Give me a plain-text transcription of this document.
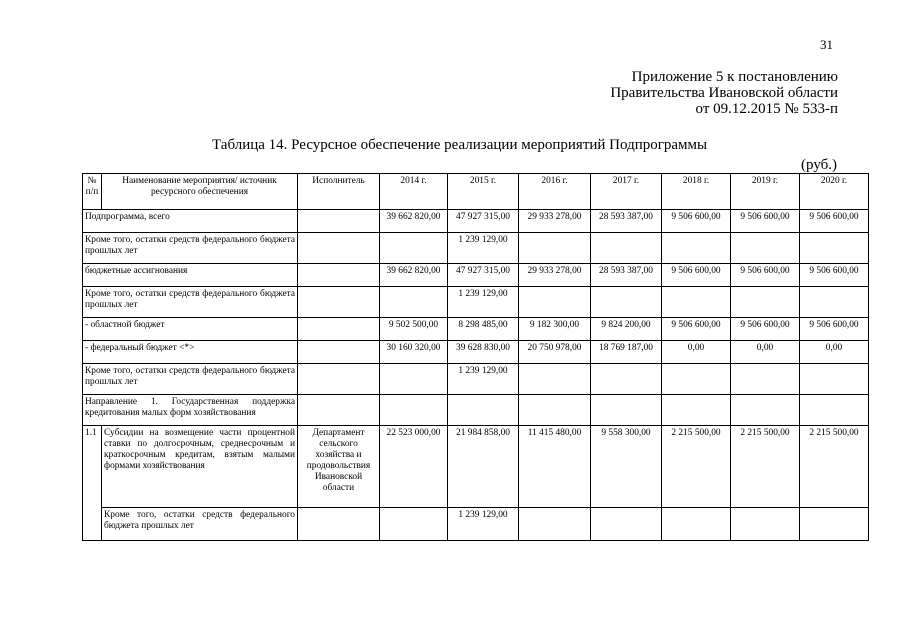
31
Приложение 5 к постановлению
Правительства Ивановской области
от 09.12.2015 № 533-п
Таблица 14. Ресурсное обеспечение реализации мероприятий Подпрограммы
(руб.)
№ п/п	Наименование мероприятия/ источник ресурсного обеспечения	Исполнитель	2014 г.	2015 г.	2016 г.	2017 г.	2018 г.	2019 г.	2020 г.
Подпрограмма, всего			39 662 820,00	47 927 315,00	29 933 278,00	28 593 387,00	9 506 600,00	9 506 600,00	9 506 600,00
Кроме того, остатки средств федерального бюджета прошлых лет				1 239 129,00					
бюджетные ассигнования			39 662 820,00	47 927 315,00	29 933 278,00	28 593 387,00	9 506 600,00	9 506 600,00	9 506 600,00
Кроме того, остатки средств федерального бюджета прошлых лет				1 239 129,00					
- областной бюджет			9 502 500,00	8 298 485,00	9 182 300,00	9 824 200,00	9 506 600,00	9 506 600,00	9 506 600,00
- федеральный бюджет <*>			30 160 320,00	39 628 830,00	20 750 978,00	18 769 187,00	0,00	0,00	0,00
Кроме того, остатки средств федерального бюджета прошлых лет				1 239 129,00					
Направление 1. Государственная поддержка кредитования малых форм хозяйствования									
1.1	Субсидии на возмещение части процентной ставки по долгосрочным, среднесрочным и краткосрочным кредитам, взятым малыми формами хозяйствования	Департамент сельского хозяйства и продовольствия Ивановской области	22 523 000,00	21 984 858,00	11 415 480,00	9 558 300,00	2 215 500,00	2 215 500,00	2 215 500,00
	Кроме того, остатки средств федерального бюджета прошлых лет			1 239 129,00					
